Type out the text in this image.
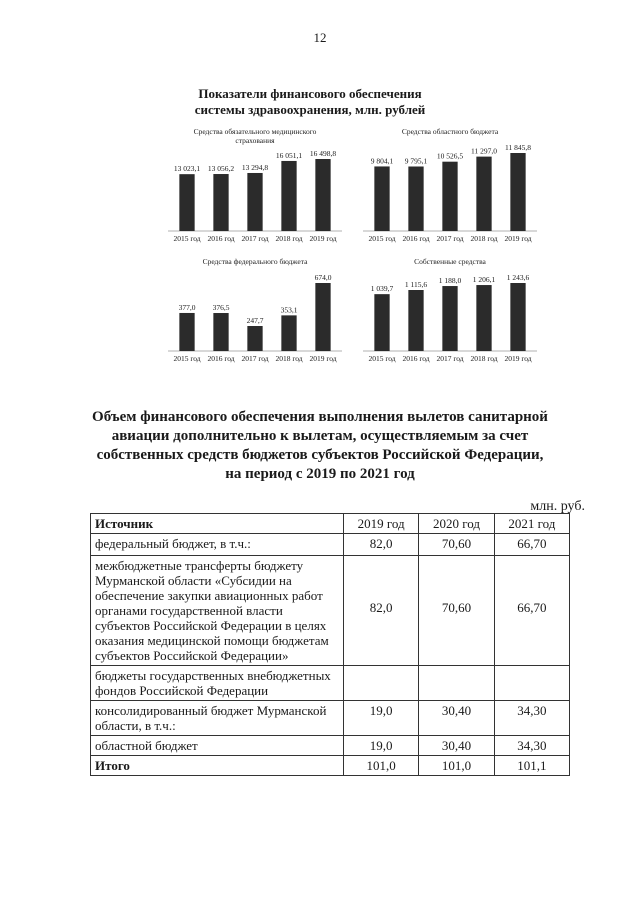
12
Показатели финансового обеспечения
системы здравоохранения, млн. рублей
Средства обязательного медицинского
страхования
13 023,1
2015 год
13 056,2
2016 год
13 294,8
2017 год
16 051,1
2018 год
16 498,8
2019 год
Средства областного бюджета
9 804,1
2015 год
9 795,1
2016 год
10 526,5
2017 год
11 297,0
2018 год
11 845,8
2019 год
Средства федерального бюджета
377,0
2015 год
376,5
2016 год
247,7
2017 год
353,1
2018 год
674,0
2019 год
Собственные средства
1 039,7
2015 год
1 115,6
2016 год
1 188,0
2017 год
1 206,1
2018 год
1 243,6
2019 год
Объем финансового обеспечения выполнения вылетов санитарной
авиации дополнительно к вылетам, осуществляемым за счет
собственных средств бюджетов субъектов Российской Федерации,
на период с 2019 по 2021 год
млн. руб.
Источник	2019 год	2020 год	2021 год
федеральный бюджет, в т.ч.:	82,0	70,60	66,70
межбюджетные трансферты бюджету Мурманской области «Субсидии на обеспечение закупки авиационных работ органами государственной власти субъектов Российской Федерации в целях оказания медицинской помощи бюджетам субъектов Российской Федерации»	82,0	70,60	66,70
бюджеты государственных внебюджетных фондов Российской Федерации			
консолидированный бюджет Мурманской области, в т.ч.:	19,0	30,40	34,30
областной бюджет	19,0	30,40	34,30
Итого	101,0	101,0	101,1
